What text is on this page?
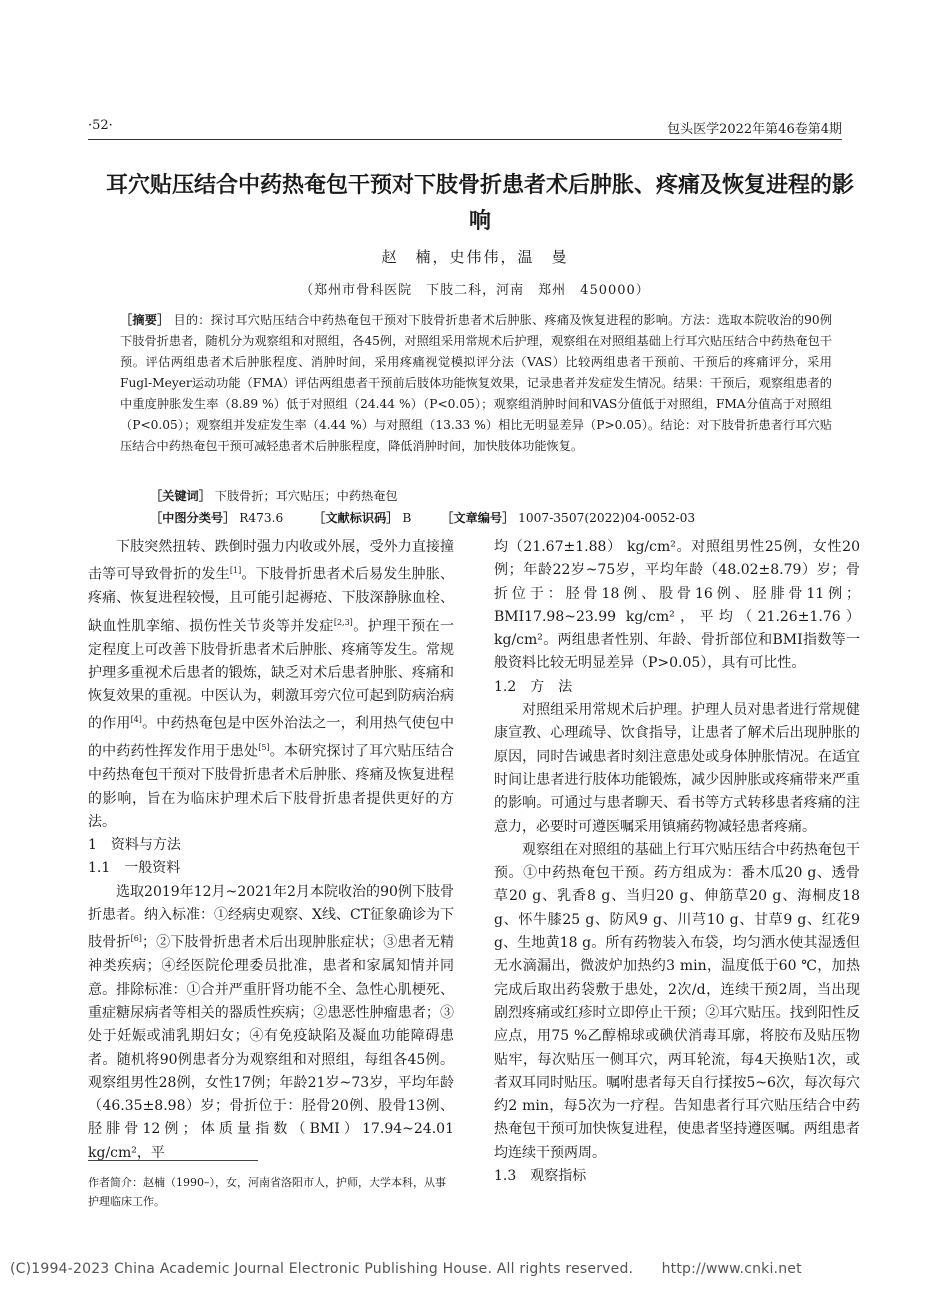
·52·	包头医学2022年第46卷第4期
耳穴贴压结合中药热奄包干预对下肢骨折患者术后肿胀、疼痛及恢复进程的影响
赵　楠，史伟伟，温　曼
（郑州市骨科医院　下肢二科，河南　郑州　450000）
［摘要］ 目的：探讨耳穴贴压结合中药热奄包干预对下肢骨折患者术后肿胀、疼痛及恢复进程的影响。方法：选取本院收治的90例下肢骨折患者，随机分为观察组和对照组，各45例，对照组采用常规术后护理，观察组在对照组基础上行耳穴贴压结合中药热奄包干预。评估两组患者术后肿胀程度、消肿时间，采用疼痛视觉模拟评分法（VAS）比较两组患者干预前、干预后的疼痛评分，采用Fugl-Meyer运动功能（FMA）评估两组患者干预前后肢体功能恢复效果，记录患者并发症发生情况。结果：干预后，观察组患者的中重度肿胀发生率（8.89 %）低于对照组（24.44 %）（P<0.05）；观察组消肿时间和VAS分值低于对照组，FMA分值高于对照组（P<0.05）；观察组并发症发生率（4.44 %）与对照组（13.33 %）相比无明显差异（P>0.05）。结论：对下肢骨折患者行耳穴贴压结合中药热奄包干预可减轻患者术后肿胀程度，降低消肿时间，加快肢体功能恢复。
［关键词］ 下肢骨折；耳穴贴压；中药热奄包
［中图分类号］ R473.6 ［文献标识码］ B ［文章编号］ 1007-3507(2022)04-0052-03

下肢突然扭转、跌倒时强力内收或外展，受外力直接撞击等可导致骨折的发生[1]。下肢骨折患者术后易发生肿胀、疼痛、恢复进程较慢，且可能引起褥疮、下肢深静脉血栓、缺血性肌挛缩、损伤性关节炎等并发症[2,3]。护理干预在一定程度上可改善下肢骨折患者术后肿胀、疼痛等发生。常规护理多重视术后患者的锻炼，缺乏对术后患者肿胀、疼痛和恢复效果的重视。中医认为，刺激耳旁穴位可起到防病治病的作用[4]。中药热奄包是中医外治法之一，利用热气使包中的中药药性挥发作用于患处[5]。本研究探讨了耳穴贴压结合中药热奄包干预对下肢骨折患者术后肿胀、疼痛及恢复进程的影响，旨在为临床护理术后下肢骨折患者提供更好的方法。

1　资料与方法

1.1　一般资料

选取2019年12月~2021年2月本院收治的90例下肢骨折患者。纳入标准：①经病史观察、X线、CT征象确诊为下肢骨折[6]；②下肢骨折患者术后出现肿胀症状；③患者无精神类疾病；④经医院伦理委员批准，患者和家属知情并同意。排除标准：①合并严重肝肾功能不全、急性心肌梗死、重症糖尿病者等相关的器质性疾病；②患恶性肿瘤患者；③处于妊娠或浦乳期妇女；④有免疫缺陷及凝血功能障碍患者。随机将90例患者分为观察组和对照组，每组各45例。观察组男性28例，女性17例；年龄21岁~73岁，平均年龄（46.35±8.98）岁；骨折位于：胫骨20例、股骨13例、胫腓骨12例；体质量指数（BMI）17.94~24.01 kg/cm²，平

均（21.67±1.88） kg/cm²。对照组男性25例，女性20例；年龄22岁~75岁，平均年龄（48.02±8.79）岁；骨折位于：胫骨18例、股骨16例、胫腓骨11例；BMI17.98~23.99 kg/cm²，平均（21.26±1.76） kg/cm²。两组患者性别、年龄、骨折部位和BMI指数等一般资料比较无明显差异（P>0.05），具有可比性。

1.2　方　法

对照组采用常规术后护理。护理人员对患者进行常规健康宣教、心理疏导、饮食指导，让患者了解术后出现肿胀的原因，同时告诫患者时刻注意患处或身体肿胀情况。在适宜时间让患者进行肢体功能锻炼，减少因肿胀或疼痛带来严重的影响。可通过与患者聊天、看书等方式转移患者疼痛的注意力，必要时可遵医嘱采用镇痛药物减轻患者疼痛。

观察组在对照组的基础上行耳穴贴压结合中药热奄包干预。①中药热奄包干预。药方组成为：番木瓜20 g、透骨草20 g、乳香8 g、当归20 g、伸筋草20 g、海桐皮18 g、怀牛膝25 g、防风9 g、川芎10 g、甘草9 g、红花9 g、生地黄18 g。所有药物装入布袋，均匀洒水使其湿透但无水滴漏出，微波炉加热约3 min，温度低于60 ℃，加热完成后取出药袋敷于患处，2次/d，连续干预2周，当出现剧烈疼痛或红疹时立即停止干预；②耳穴贴压。找到阳性反应点，用75 %乙醇棉球或碘伏消毒耳廓，将胶布及贴压物贴牢，每次贴压一侧耳穴，两耳轮流，每4天换贴1次，或者双耳同时贴压。嘱咐患者每天自行揉按5~6次，每次每穴约2 min，每5次为一疗程。告知患者行耳穴贴压结合中药热奄包干预可加快恢复进程，使患者坚持遵医嘱。两组患者均连续干预两周。

1.3　观察指标

作者简介：赵楠（1990–），女，河南省洛阳市人，护师，大学本科，从事护理临床工作。
(C)1994-2023 China Academic Journal Electronic Publishing House. All rights reserved.　　http://www.cnki.net
